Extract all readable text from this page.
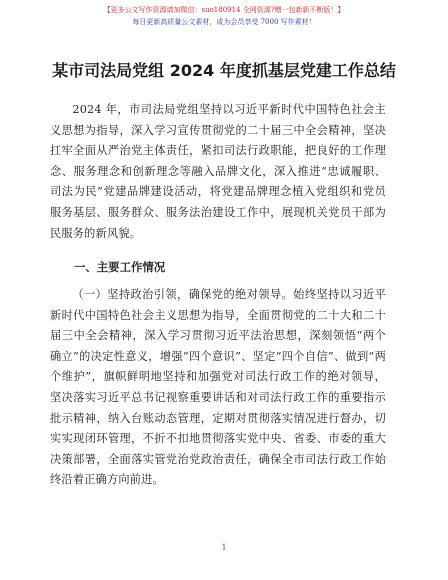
【更多公文写作资源请加微信：suo180914 全网资源?赠一包新新不断版！】
每日更新高质量公文素材，成为会员享受 7000 写作素材！
某市司法局党组 2024 年度抓基层党建工作总结

2024 年，市司法局党组坚持以习近平新时代中国特色社会主义思想为指导，深入学习宣传贯彻党的二十届三中全会精神，坚决扛牢全面从严治党主体责任，紧扣司法行政职能，把良好的工作理念、服务理念和创新理念等融入品牌文化，深入推进“忠诚履职、司法为民”党建品牌建设活动，将党建品牌理念植入党组织和党员服务基层、服务群众、服务法治建设工作中，展现机关党员干部为民服务的新风貌。

一、主要工作情况

（一）坚持政治引领，确保党的绝对领导。始终坚持以习近平新时代中国特色社会主义思想为指导，全面贯彻党的二十大和二十届三中全会精神，深入学习贯彻习近平法治思想，深刻领悟“两个确立”的决定性意义，增强“四个意识”、坚定“四个自信”、做到“两个维护”，旗帜鲜明地坚持和加强党对司法行政工作的绝对领导，坚决落实习近平总书记视察重要讲话和对司法行政工作的重要指示批示精神，纳入台账动态管理，定期对贯彻落实情况进行督办，切实实现闭环管理，不折不扣地贯彻落实党中央、省委、市委的重大决策部署，全面落实管党治党政治责任，确保全市司法行政工作始终沿着正确方向前进。

1
